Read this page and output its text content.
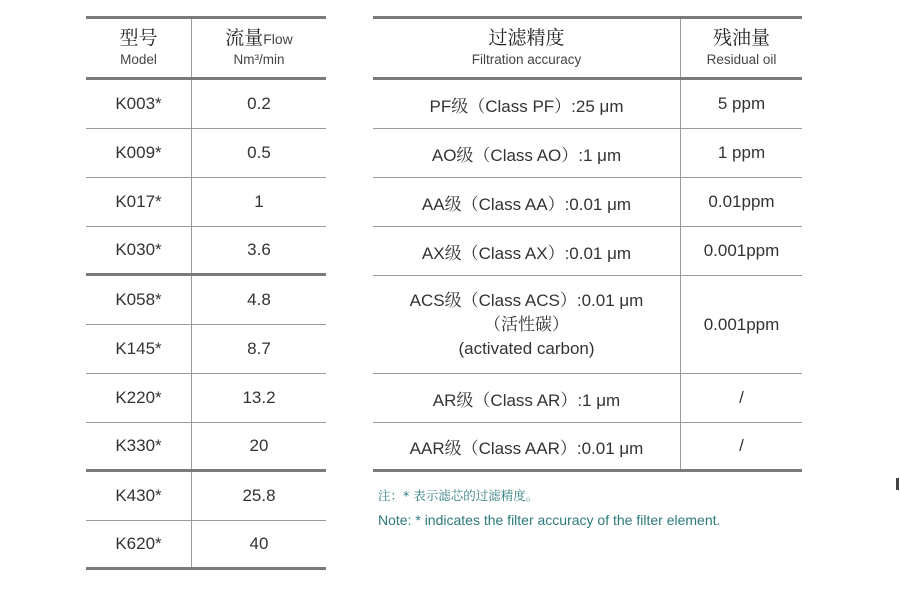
型号
Model
流量Flow
Nm³/min
K003*	0.2
K009*	0.5
K017*	1
K030*	3.6
K058*	4.8
K145*	8.7
K220*	13.2
K330*	20
K430*	25.8
K620*	40
过滤精度
Filtration accuracy
残油量
Residual oil
PF级（Class PF）:25 μm	5 ppm
AO级（Class AO）:1 μm	1 ppm
AA级（Class AA）:0.01 μm	0.01ppm
AX级（Class AX）:0.01 μm	0.001ppm
ACS级（Class ACS）:0.01 μm
（活性碳）
(activated carbon)
0.001ppm
AR级（Class AR）:1 μm	/
AAR级（Class AAR）:0.01 μm	/
注：* 表示滤芯的过滤精度。
Note: * indicates the filter accuracy of the filter element.
